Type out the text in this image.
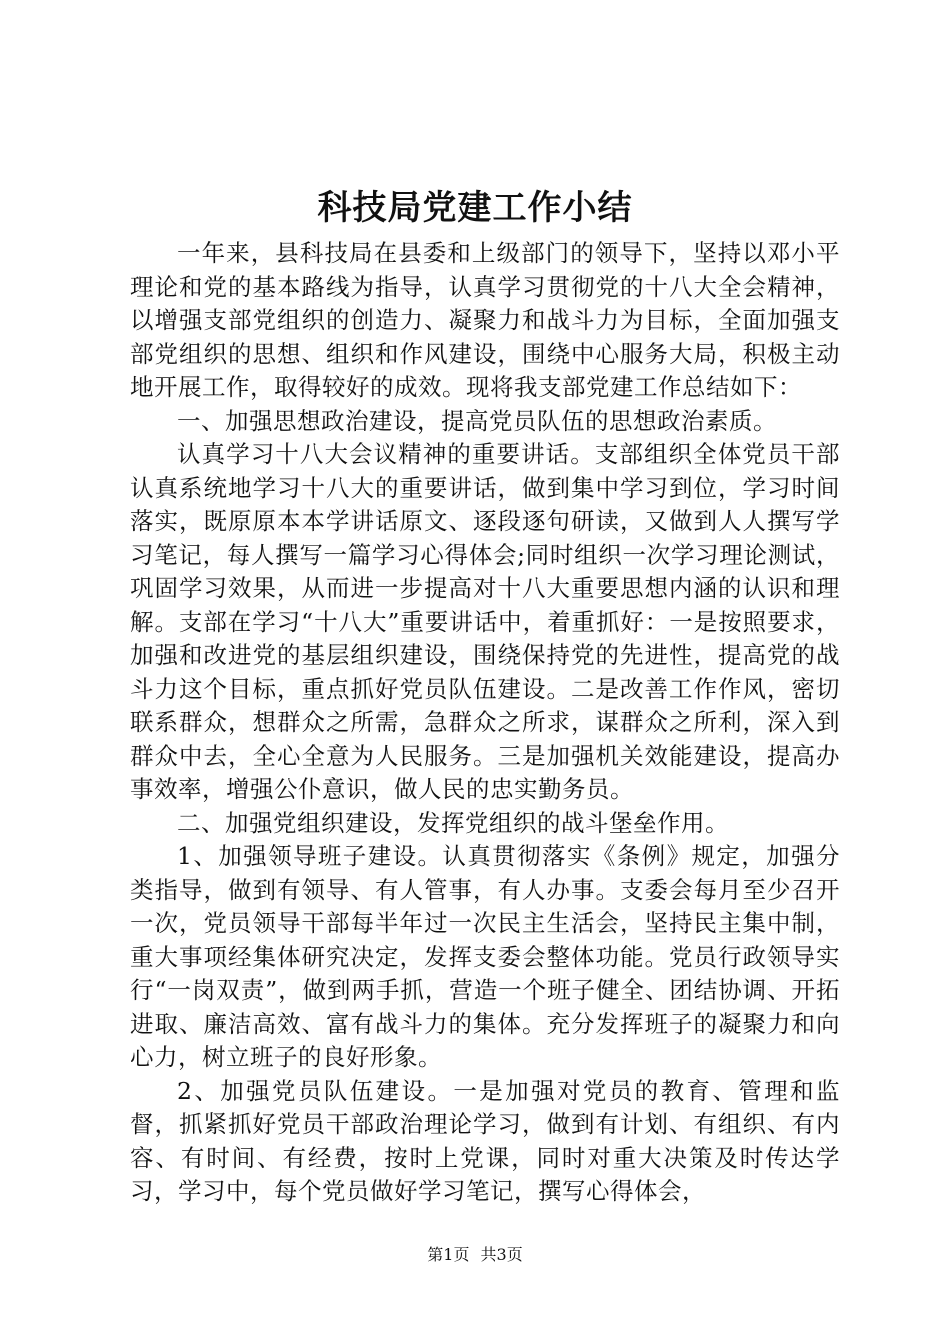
科技局党建工作小结

一年来，县科技局在县委和上级部门的领导下，坚持以邓小平理论和党的基本路线为指导，认真学习贯彻党的十八大全会精神，以增强支部党组织的创造力、凝聚力和战斗力为目标，全面加强支部党组织的思想、组织和作风建设，围绕中心服务大局，积极主动地开展工作，取得较好的成效。现将我支部党建工作总结如下：

一、加强思想政治建设，提高党员队伍的思想政治素质。

认真学习十八大会议精神的重要讲话。支部组织全体党员干部认真系统地学习十八大的重要讲话，做到集中学习到位，学习时间落实，既原原本本学讲话原文、逐段逐句研读，又做到人人撰写学习笔记，每人撰写一篇学习心得体会;同时组织一次学习理论测试，巩固学习效果，从而进一步提高对十八大重要思想内涵的认识和理解。支部在学习“十八大”重要讲话中，着重抓好：一是按照要求，加强和改进党的基层组织建设，围绕保持党的先进性，提高党的战斗力这个目标，重点抓好党员队伍建设。二是改善工作作风，密切联系群众，想群众之所需，急群众之所求，谋群众之所利，深入到群众中去，全心全意为人民服务。三是加强机关效能建设，提高办事效率，增强公仆意识，做人民的忠实勤务员。

二、加强党组织建设，发挥党组织的战斗堡垒作用。

1、加强领导班子建设。认真贯彻落实《条例》规定，加强分类指导，做到有领导、有人管事，有人办事。支委会每月至少召开一次，党员领导干部每半年过一次民主生活会，坚持民主集中制，重大事项经集体研究决定，发挥支委会整体功能。党员行政领导实行“一岗双责”，做到两手抓，营造一个班子健全、团结协调、开拓进取、廉洁高效、富有战斗力的集体。充分发挥班子的凝聚力和向心力，树立班子的良好形象。

2、加强党员队伍建设。一是加强对党员的教育、管理和监督，抓紧抓好党员干部政治理论学习，做到有计划、有组织、有内容、有时间、有经费，按时上党课，同时对重大决策及时传达学习，学习中，每个党员做好学习笔记，撰写心得体会，

第1页 共3页
